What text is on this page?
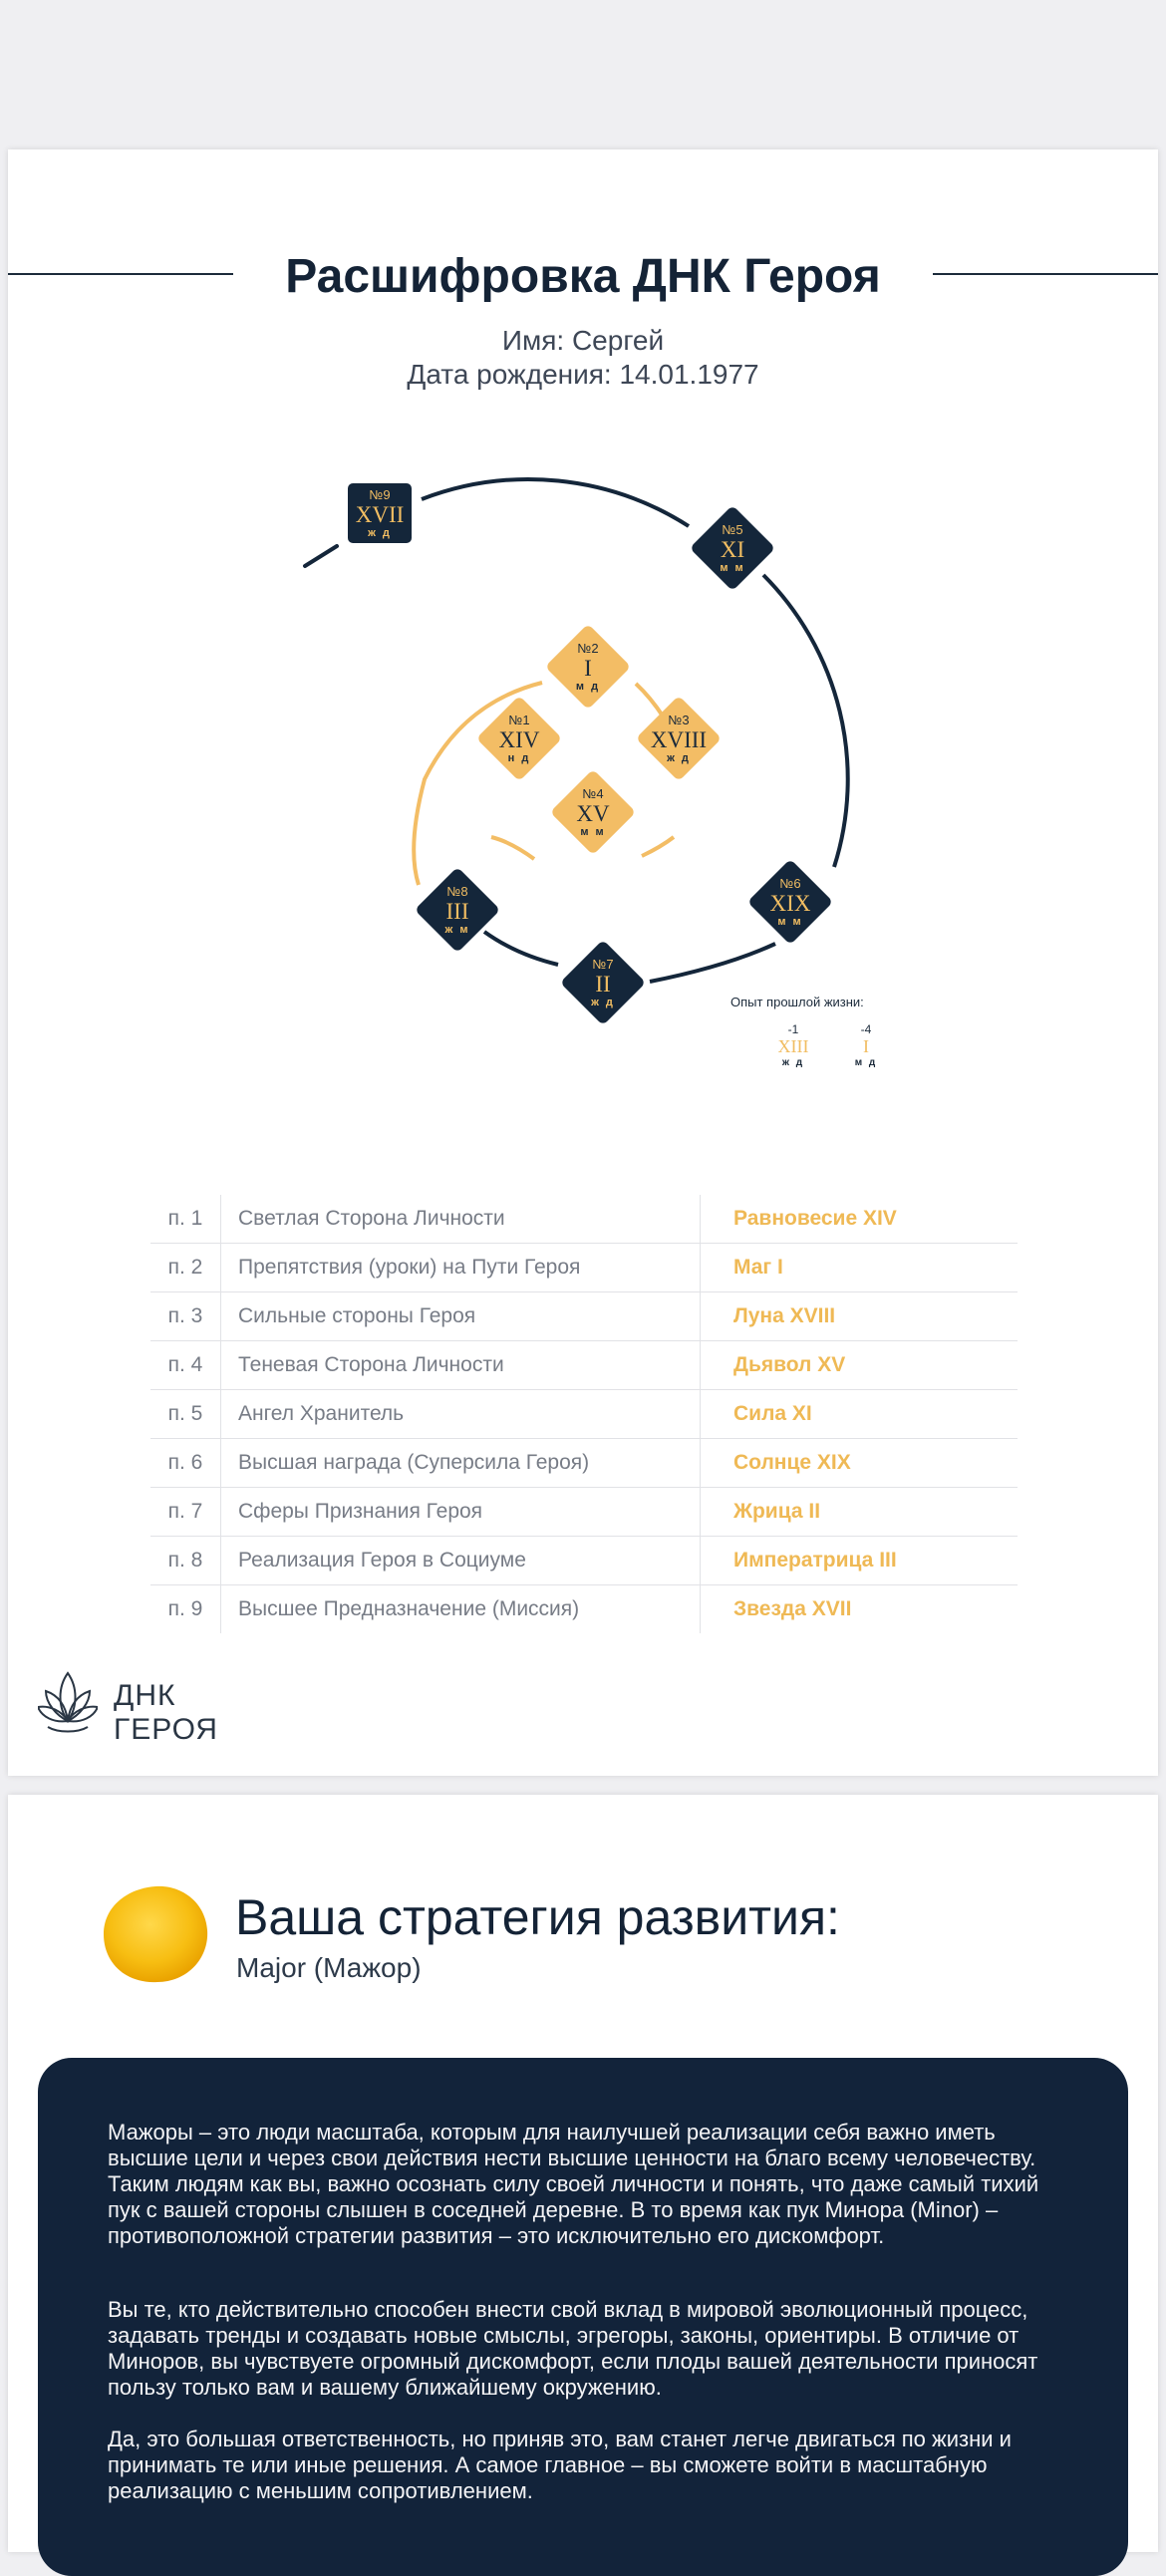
Расшифровка ДНК Героя
Имя: Сергей
Дата рождения: 14.01.1977
№9
XVII
ж д	№5
XI
м м
№2
I
м д
№1
XIV
н д
№3
XVIII
ж д
№4
XV
м м
№8
III
ж м
№6
XIX
м м
№7
II
ж д	Опыт прошлой жизни:
-1
XIII
ж д
-4
I
м д
п. 1	Светлая Сторона Личности	Равновесие XIV
п. 2	Препятствия (уроки) на Пути Героя	Маг I
п. 3	Сильные стороны Героя	Луна XVIII
п. 4	Теневая Сторона Личности	Дьявол XV
п. 5	Ангел Хранитель	Сила XI
п. 6	Высшая награда (Суперсила Героя)	Солнце XIX
п. 7	Сферы Признания Героя	Жрица II
п. 8	Реализация Героя в Социуме	Императрица III
п. 9	Высшее Предназначение (Миссия)	Звезда XVII
ДНК
ГЕРОЯ
Ваша стратегия развития:
Major (Мажор)

Мажоры – это люди масштаба, которым для наилучшей реализации себя важно иметь высшие цели и через свои действия нести высшие ценности на благо всему человечеству. Таким людям как вы, важно осознать силу своей личности и понять, что даже самый тихий пук с вашей стороны слышен в соседней деревне. В то время как пук Минора (Minor) – противоположной стратегии развития – это исключительно его дискомфорт.

Вы те, кто действительно способен внести свой вклад в мировой эволюционный процесс, задавать тренды и создавать новые смыслы, эгрегоры, законы, ориентиры. В отличие от Миноров, вы чувствуете огромный дискомфорт, если плоды вашей деятельности приносят пользу только вам и вашему ближайшему окружению.

Да, это большая ответственность, но приняв это, вам станет легче двигаться по жизни и принимать те или иные решения. А самое главное – вы сможете войти в масштабную реализацию с меньшим сопротивлением.
